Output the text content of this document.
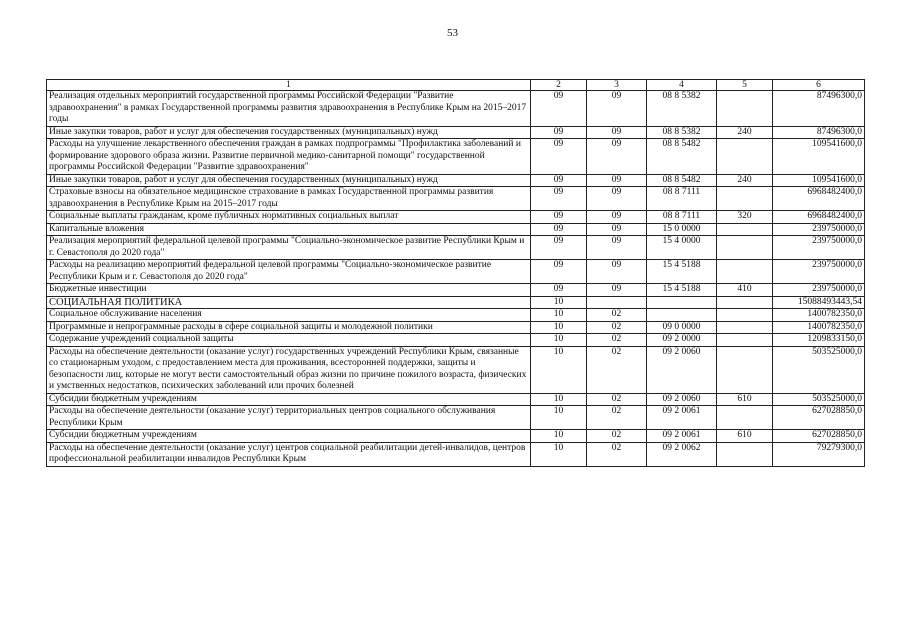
53
1	2	3	4	5	6
Реализация отдельных мероприятий государственной программы Российской Федерации "Развитие здравоохранения" в рамках Государственной программы развития здравоохранения в Республике Крым на 2015–2017 годы	09	09	08 8 5382		87496300,0
Иные закупки товаров, работ и услуг для обеспечения государственных (муниципальных) нужд	09	09	08 8 5382	240	87496300,0
Расходы на улучшение лекарственного обеспечения граждан в рамках подпрограммы "Профилактика заболеваний и формирование здорового образа жизни. Развитие первичной медико-санитарной помощи" государственной программы Российской Федерации "Развитие здравоохранения"	09	09	08 8 5482		109541600,0
Иные закупки товаров, работ и услуг для обеспечения государственных (муниципальных) нужд	09	09	08 8 5482	240	109541600,0
Страховые взносы на обязательное медицинское страхование в рамках Государственной программы развития здравоохранения в Республике Крым на 2015–2017 годы	09	09	08 8 7111		6968482400,0
Социальные выплаты гражданам, кроме публичных нормативных социальных выплат	09	09	08 8 7111	320	6968482400,0
Капитальные вложения	09	09	15 0 0000		239750000,0
Реализация мероприятий федеральной целевой программы "Социально-экономическое развитие Республики Крым и г. Севастополя до 2020 года"	09	09	15 4 0000		239750000,0
Расходы на реализацию мероприятий федеральной целевой программы "Социально-экономическое развитие Республики Крым и г. Севастополя до 2020 года"	09	09	15 4 5188		239750000,0
Бюджетные инвестиции	09	09	15 4 5188	410	239750000,0
СОЦИАЛЬНАЯ ПОЛИТИКА	10				15088493443,54
Социальное обслуживание населения	10	02			1400782350,0
Программные и непрограммные расходы в сфере социальной защиты и молодежной политики	10	02	09 0 0000		1400782350,0
Содержание учреждений социальной защиты	10	02	09 2 0000		1209833150,0
Расходы на обеспечение деятельности (оказание услуг) государственных учреждений Республики Крым, связанные со стационарным уходом, с предоставлением места для проживания, всесторонней поддержки, защиты и безопасности лиц, которые не могут вести самостоятельный образ жизни по причине пожилого возраста, физических и умственных недостатков, психических заболеваний или прочих болезней	10	02	09 2 0060		503525000,0
Субсидии бюджетным учреждениям	10	02	09 2 0060	610	503525000,0
Расходы на обеспечение деятельности (оказание услуг) территориальных центров социального обслуживания Республики Крым	10	02	09 2 0061		627028850,0
Субсидии бюджетным учреждениям	10	02	09 2 0061	610	627028850,0
Расходы на обеспечение деятельности (оказание услуг) центров социальной реабилитации детей-инвалидов, центров профессиональной реабилитации инвалидов Республики Крым	10	02	09 2 0062		79279300,0
